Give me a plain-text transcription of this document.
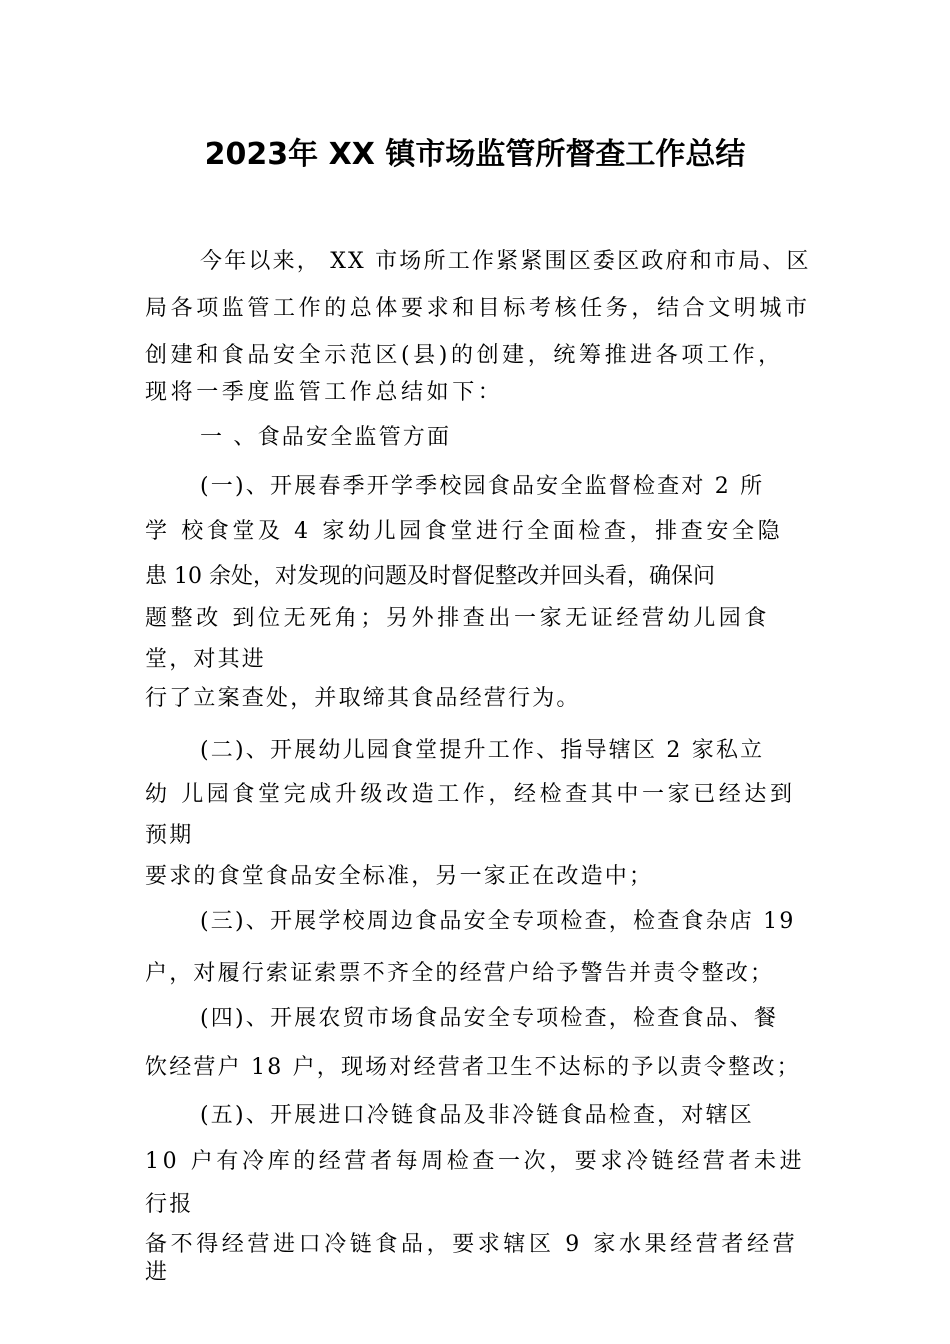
2023年 XX 镇市场监管所督查工作总结
今年以来， XX 市场所工作紧紧围区委区政府和市局、区
局各项监管工作的总体要求和目标考核任务，结合文明城市
创建和食品安全示范区(县)的创建，统筹推进各项工作，
现将一季度监管工作总结如下：
一 、食品安全监管方面
(一)、开展春季开学季校园食品安全监督检查对 2 所
学 校食堂及 4 家幼儿园食堂进行全面检查，排查安全隐
患 10 余处，对发现的问题及时督促整改并回头看，确保问
题整改 到位无死角；另外排查出一家无证经营幼儿园食
堂，对其进
行了立案查处，并取缔其食品经营行为。
(二)、开展幼儿园食堂提升工作、指导辖区 2 家私立
幼 儿园食堂完成升级改造工作，经检查其中一家已经达到
预期
要求的食堂食品安全标准，另一家正在改造中；
(三)、开展学校周边食品安全专项检查，检查食杂店 19
户，对履行索证索票不齐全的经营户给予警告并责令整改；
(四)、开展农贸市场食品安全专项检查，检查食品、餐
饮经营户 18 户，现场对经营者卫生不达标的予以责令整改；
(五)、开展进口冷链食品及非冷链食品检查，对辖区
10 户有冷库的经营者每周检查一次，要求冷链经营者未进
行报
备不得经营进口冷链食品，要求辖区 9 家水果经营者经营
进
